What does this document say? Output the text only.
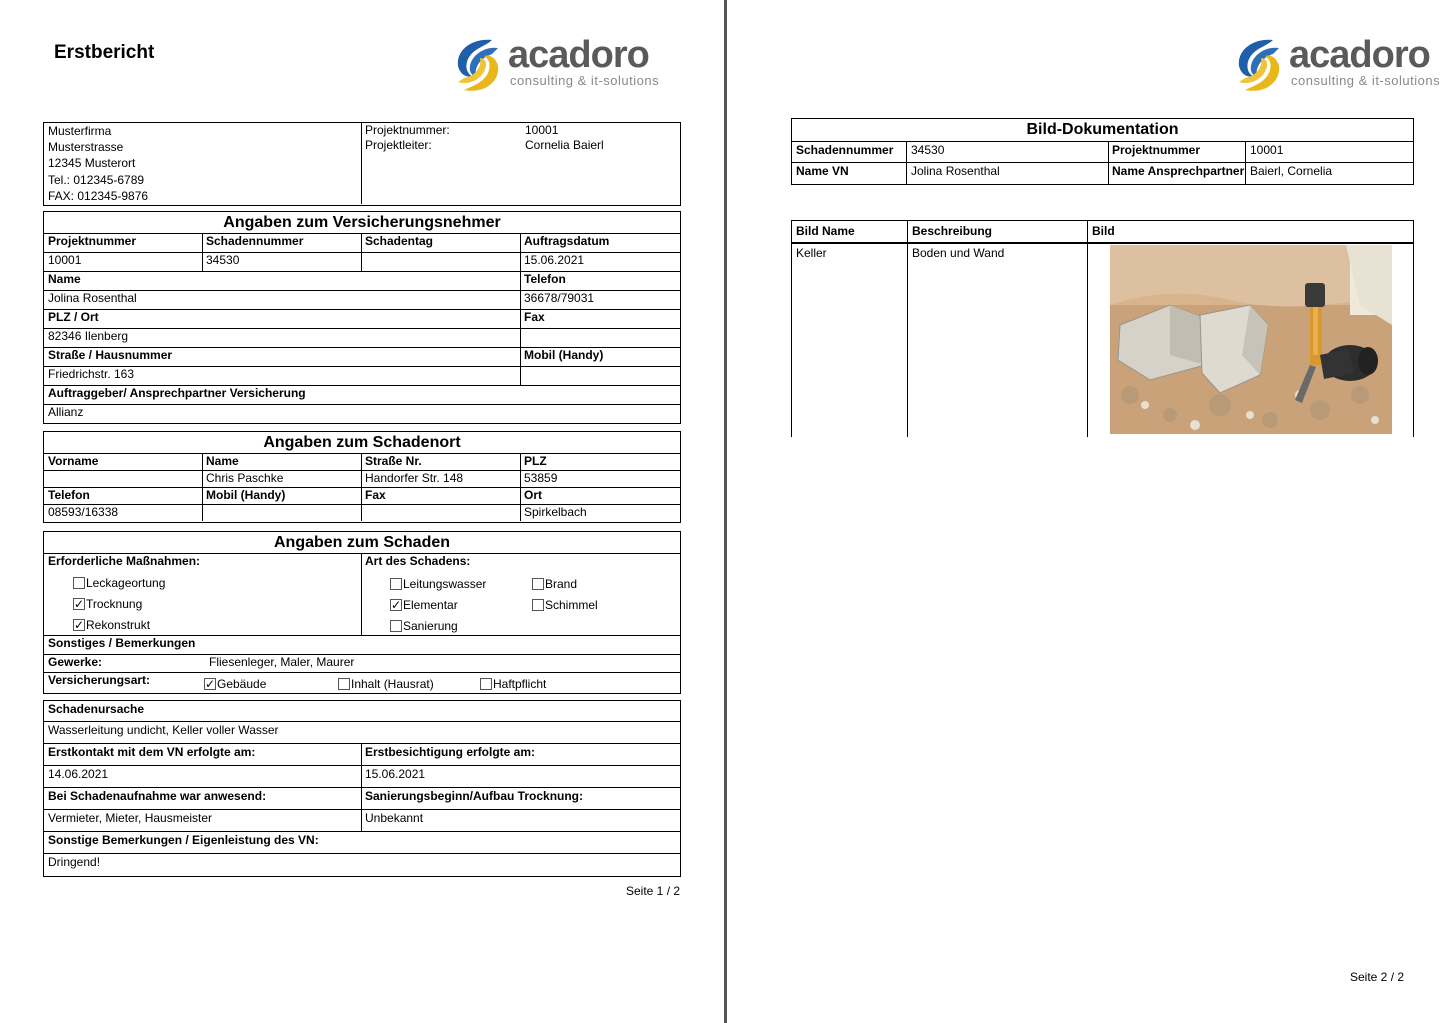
Erstbericht	acadoro
consulting & it-solutions
Musterfirma
Musterstrasse
12345 Musterort
Tel.: 012345-6789
FAX: 012345-9876
Projektnummer:	10001
Projektleiter:	Cornelia Baierl
Angaben zum Versicherungsnehmer
Projektnummer	Schadennummer	Schadentag	Auftragsdatum
10001	34530	15.06.2021
Name	Telefon
Jolina Rosenthal	36678/79031
PLZ / Ort	Fax
82346 Ilenberg
Straße / Hausnummer	Mobil (Handy)
Friedrichstr. 163
Auftraggeber/ Ansprechpartner Versicherung
Allianz
Angaben zum Schadenort
Vorname	Name	Straße Nr.	PLZ
Chris Paschke	Handorfer Str. 148	53859
Telefon	Mobil (Handy)	Fax	Ort
08593/16338	Spirkelbach
Angaben zum Schaden
Erforderliche Maßnahmen:	Art des Schadens:
Leckageortung
✓Trocknung
✓Rekonstrukt
Leitungswasser	Brand
✓Elementar	Schimmel
Sanierung
Sonstiges / Bemerkungen
Gewerke:	Fliesenleger, Maler, Maurer
Versicherungsart:
✓	Gebäude	Inhalt (Hausrat)	Haftpflicht
Schadenursache
Wasserleitung undicht, Keller voller Wasser
Erstkontakt mit dem VN erfolgte am:	Erstbesichtigung erfolgte am:
14.06.2021	15.06.2021
Bei Schadenaufnahme war anwesend:	Sanierungsbeginn/Aufbau Trocknung:
Vermieter, Mieter, Hausmeister	Unbekannt
Sonstige Bemerkungen / Eigenleistung des VN:
Dringend!
Seite 1 / 2
acadoro
consulting & it-solutions
Bild-Dokumentation
Schadennummer 34530	Projektnummer	10001
Name VN	Jolina Rosenthal	Name Ansprechpartner Baierl, Cornelia
Bild Name	Beschreibung	Bild
Keller	Boden und Wand
Seite 2 / 2
